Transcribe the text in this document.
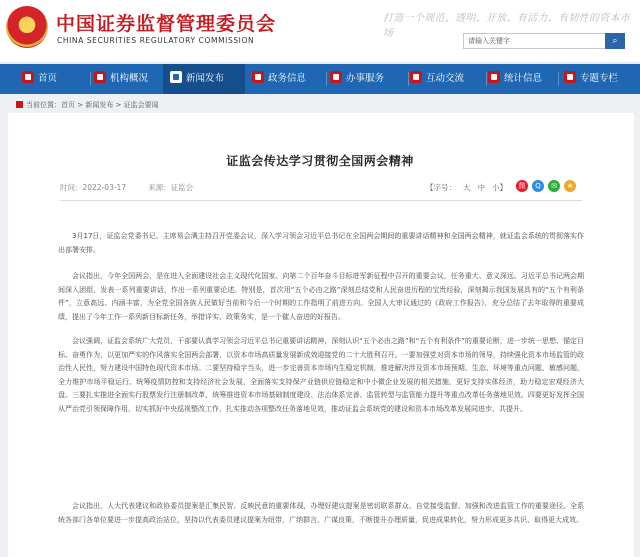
★ 中国证券监督管理委员会
CHINA SECURITIES REGULATORY COMMISSION
打造一个规范、透明、开放、有活力、有韧性的资本市场
请输入关键字	⌕
首页	机构概况	新闻发布	政务信息	办事服务	互动交流	统计信息	专题专栏
当前位置：首页 > 新闻发布 > 证监会要闻
证监会传达学习贯彻全国两会精神
时间：2022-03-17	来源：证监会	【字号： 大 中 小】	微	Q	✉	★
3月17日，证监会党委书记、主席易会满主持召开党委会议，深入学习领会习近平总书记在全国两会期间的重要讲话精神和全国两会精神，就证监会系统的贯彻落实作出部署安排。
会议指出，今年全国两会，是在进入全面建设社会主义现代化国家、向第二个百年奋斗目标进军新征程中召开的重要会议，任务重大、意义深远。习近平总书记两会期间深入团组，发表一系列重要讲话，作出一系列重要论述。特别是，首次用“五个必由之路”深刻总结党和人民奋进历程的宝贵经验，深刻揭示我国发展具有的“五个有利条件”，立意高远、内涵丰富，为全党全国各族人民做好当前和今后一个时期的工作指明了前进方向。全国人大审议通过的《政府工作报告》，充分总结了去年取得的重要成绩，提出了今年工作一系列新目标新任务，举措详实、政策务实，是一个催人奋进的好报告。
会议强调，证监会系统广大党员、干部要认真学习领会习近平总书记重要讲话精神，深刻认识“五个必由之路”和“五个有利条件”的重要论断，进一步统一思想、锚定目标、奋勇作为，以更加严实的作风落实全国两会部署，以资本市场高质量发展新成效迎接党的二十大胜利召开。一要加强党对资本市场的领导，持续强化资本市场监管的政治性人民性，努力建设中国特色现代资本市场。二要坚持稳字当头，进一步完善资本市场内生稳定机制，推进解决涉及资本市场预期、生态、环境等重点问题、敏感问题，全力维护市场平稳运行。统筹疫情防控和支持经济社会发展，全面落实支持保产业链供应链稳定和中小微企业发展的相关措施，更好支持实体经济，助力稳定宏观经济大盘。三要扎实推进全面实行股票发行注册制改革，统筹推进资本市场基础制度建设、法治体系完善、监管转型与监管能力提升等重点改革任务落地见效。四要更好发挥全国从严治党引领保障作用，切实抓好中央巡视整改工作，扎实推动各项整改任务落地见效，推动证监会系统党的建设和资本市场改革发展同进步、共提升。
会议指出，人大代表建议和政协委员提案是汇集民智、反映民意的重要体现，办理好建议提案是密切联系群众、自觉接受监督、加强和改进监管工作的重要途径。全系统各部门各单位要进一步提高政治站位，坚持以代表委员建议提案为纽带，广纳群言，广谋良策，不断提升办理质量，促进成果转化，努力形成更多共识、取得更大成效。
